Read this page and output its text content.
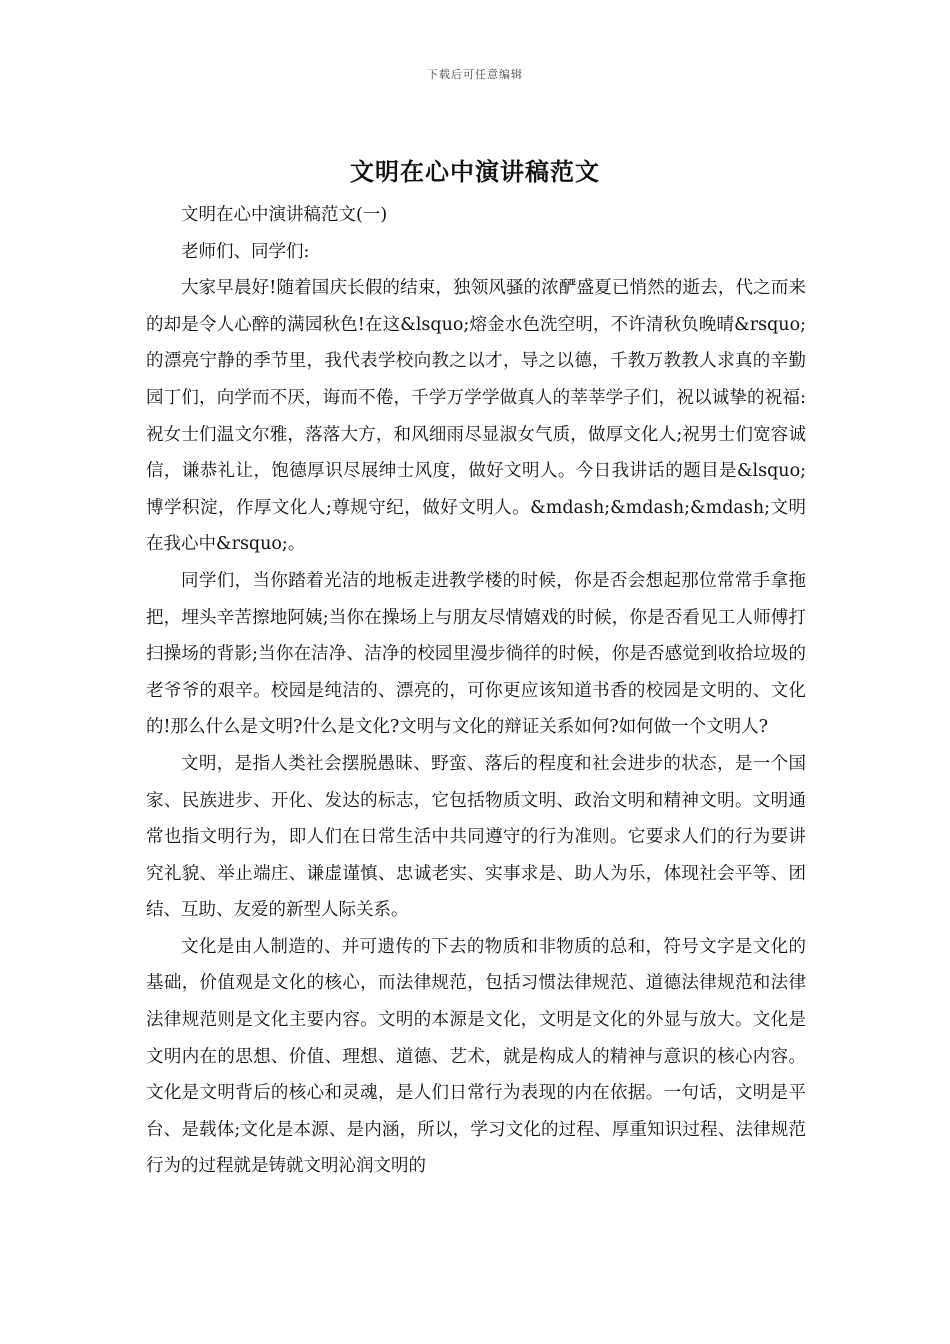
下载后可任意编辑
文明在心中演讲稿范文

文明在心中演讲稿范文(一)

老师们、同学们:

大家早晨好!随着国庆长假的结束，独领风骚的浓酽盛夏已悄然的逝去，代之而来的却是令人心醉的满园秋色!在这&lsquo;熔金水色洗空明，不许清秋负晚晴&rsquo;的漂亮宁静的季节里，我代表学校向教之以才，导之以德，千教万教教人求真的辛勤园丁们，向学而不厌，诲而不倦，千学万学学做真人的莘莘学子们，祝以诚挚的祝福:祝女士们温文尔雅，落落大方，和风细雨尽显淑女气质，做厚文化人;祝男士们宽容诚信，谦恭礼让，饱德厚识尽展绅士风度，做好文明人。今日我讲话的题目是&lsquo;博学积淀，作厚文化人;尊规守纪，做好文明人。&mdash;&mdash;&mdash;文明在我心中&rsquo;。

同学们，当你踏着光洁的地板走进教学楼的时候，你是否会想起那位常常手拿拖把，埋头辛苦擦地阿姨;当你在操场上与朋友尽情嬉戏的时候，你是否看见工人师傅打扫操场的背影;当你在洁净、洁净的校园里漫步徜徉的时候，你是否感觉到收拾垃圾的老爷爷的艰辛。校园是纯洁的、漂亮的，可你更应该知道书香的校园是文明的、文化的!那么什么是文明?什么是文化?文明与文化的辩证关系如何?如何做一个文明人?

文明，是指人类社会摆脱愚昧、野蛮、落后的程度和社会进步的状态，是一个国家、民族进步、开化、发达的标志，它包括物质文明、政治文明和精神文明。文明通常也指文明行为，即人们在日常生活中共同遵守的行为准则。它要求人们的行为要讲究礼貌、举止端庄、谦虚谨慎、忠诚老实、实事求是、助人为乐，体现社会平等、团结、互助、友爱的新型人际关系。

文化是由人制造的、并可遗传的下去的物质和非物质的总和，符号文字是文化的基础，价值观是文化的核心，而法律规范，包括习惯法律规范、道德法律规范和法律法律规范则是文化主要内容。文明的本源是文化，文明是文化的外显与放大。文化是文明内在的思想、价值、理想、道德、艺术，就是构成人的精神与意识的核心内容。文化是文明背后的核心和灵魂，是人们日常行为表现的内在依据。一句话，文明是平台、是载体;文化是本源、是内涵，所以，学习文化的过程、厚重知识过程、法律规范行为的过程就是铸就文明沁润文明的
